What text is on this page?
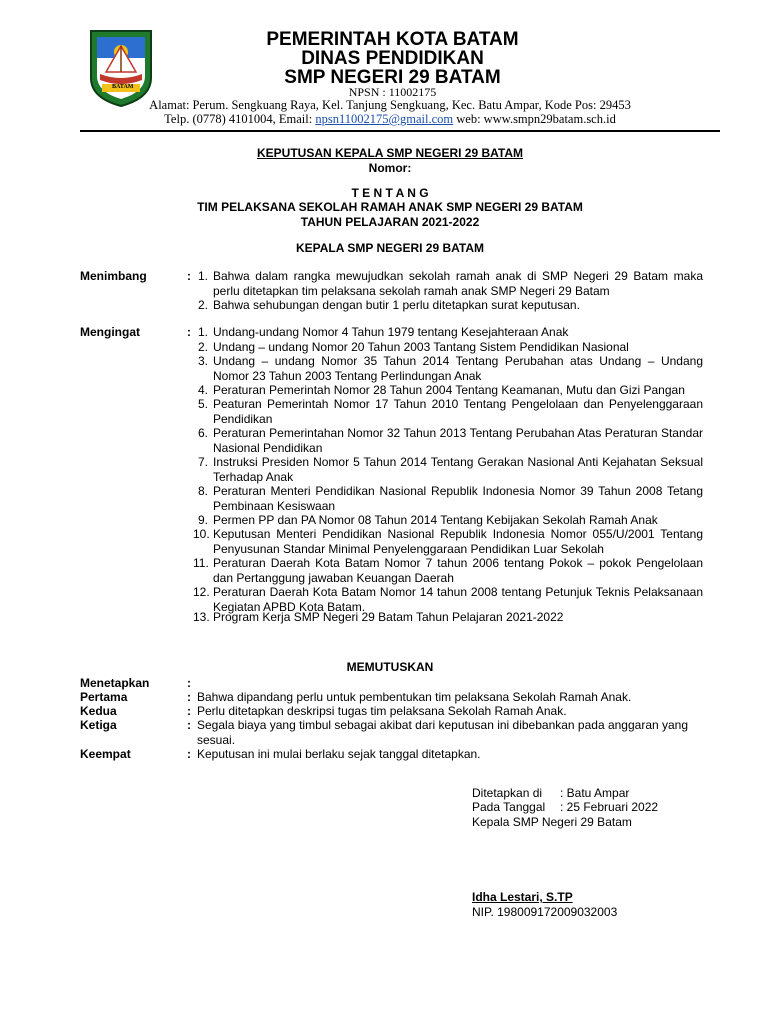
BATAM
PEMERINTAH KOTA BATAM
DINAS PENDIDIKAN
SMP NEGERI 29 BATAM
NPSN : 11002175
Alamat: Perum. Sengkuang Raya, Kel. Tanjung Sengkuang, Kec. Batu Ampar, Kode Pos: 29453
Telp. (0778) 4101004, Email: npsn11002175@gmail.com web: www.smpn29batam.sch.id
KEPUTUSAN KEPALA SMP NEGERI 29 BATAM
Nomor:
T E N T A N G
TIM PELAKSANA SEKOLAH RAMAH ANAK SMP NEGERI 29 BATAM
TAHUN PELAJARAN 2021-2022
KEPALA SMP NEGERI 29 BATAM
Menimbang	: 1. Bahwa dalam rangka mewujudkan sekolah ramah anak di SMP Negeri 29 Batam maka perlu ditetapkan tim pelaksana sekolah ramah anak SMP Negeri 29 Batam
2. Bahwa sehubungan dengan butir 1 perlu ditetapkan surat keputusan.
Mengingat	: 1. Undang-undang Nomor 4 Tahun 1979 tentang Kesejahteraan Anak
2. Undang – undang Nomor 20 Tahun 2003 Tantang Sistem Pendidikan Nasional
3. Undang – undang Nomor 35 Tahun 2014 Tentang Perubahan atas Undang – Undang Nomor 23 Tahun 2003 Tentang Perlindungan Anak
4. Peraturan Pemerintah Nomor 28 Tahun 2004 Tentang Keamanan, Mutu dan Gizi Pangan
5. Peaturan Pemerintah Nomor 17 Tahun 2010 Tentang Pengelolaan dan Penyelenggaraan Pendidikan
6. Peraturan Pemerintahan Nomor 32 Tahun 2013 Tentang Perubahan Atas Peraturan Standar Nasional Pendidikan
7. Instruksi Presiden Nomor 5 Tahun 2014 Tentang Gerakan Nasional Anti Kejahatan Seksual Terhadap Anak
8. Peraturan Menteri Pendidikan Nasional Republik Indonesia Nomor 39 Tahun 2008 Tetang Pembinaan Kesiswaan
9. Permen PP dan PA Nomor 08 Tahun 2014 Tentang Kebijakan Sekolah Ramah Anak
10. Keputusan Menteri Pendidikan Nasional Republik Indonesia Nomor 055/U/2001 Tentang Penyusunan Standar Minimal Penyelenggaraan Pendidikan Luar Sekolah
11. Peraturan Daerah Kota Batam Nomor 7 tahun 2006 tentang Pokok – pokok Pengelolaan dan Pertanggung jawaban Keuangan Daerah
12. Peraturan Daerah Kota Batam Nomor 14 tahun 2008 tentang Petunjuk Teknis Pelaksanaan Kegiatan APBD Kota Batam.
13. Program Kerja SMP Negeri 29 Batam Tahun Pelajaran 2021-2022
MEMUTUSKAN
Menetapkan	:
Pertama	: Bahwa dipandang perlu untuk pembentukan tim pelaksana Sekolah Ramah Anak.
Kedua	: Perlu ditetapkan deskripsi tugas tim pelaksana Sekolah Ramah Anak.
Ketiga	: Segala biaya yang timbul sebagai akibat dari keputusan ini dibebankan pada anggaran yang sesuai.
Keempat	: Keputusan ini mulai berlaku sejak tanggal ditetapkan.
Ditetapkan di : Batu Ampar
Pada Tanggal : 25 Februari 2022
Kepala SMP Negeri 29 Batam
Idha Lestari, S.TP
NIP. 198009172009032003
